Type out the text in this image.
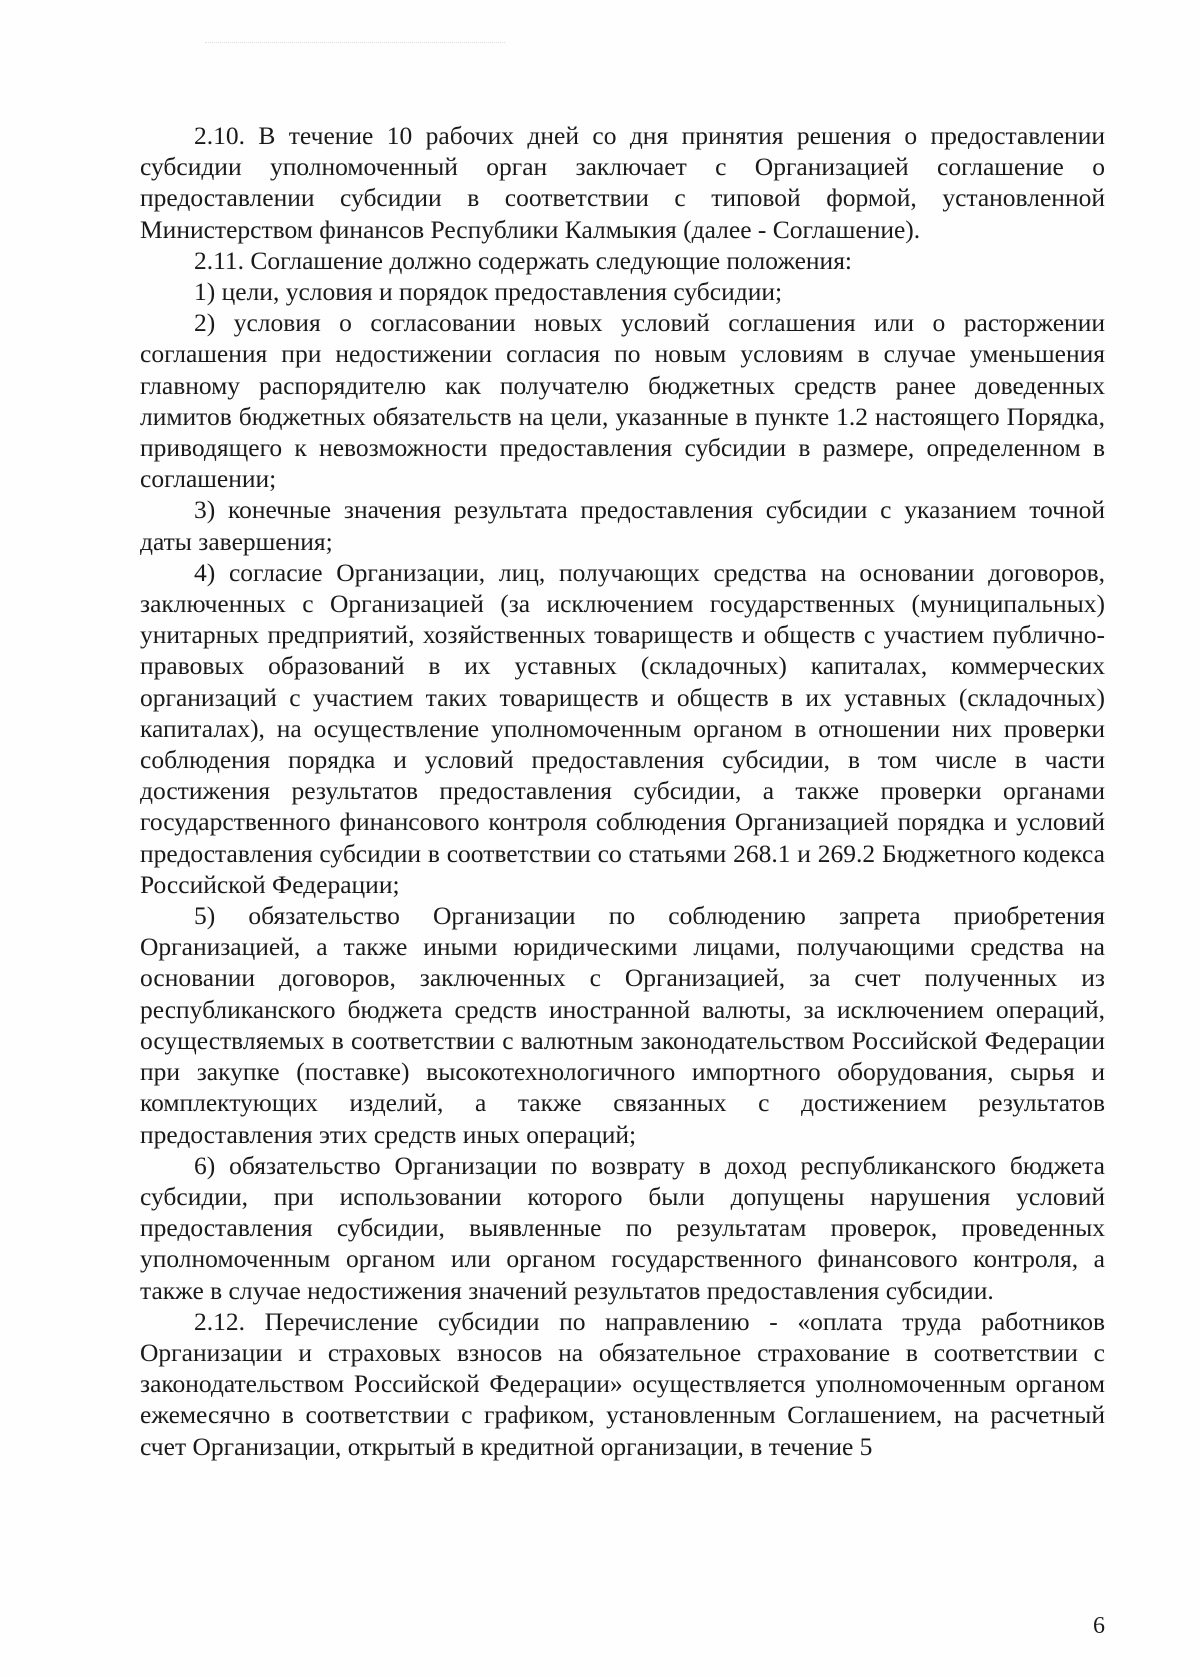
2.10. В течение 10 рабочих дней со дня принятия решения о предоставлении субсидии уполномоченный орган заключает с Организацией соглашение о предоставлении субсидии в соответствии с типовой формой, установленной Министерством финансов Республики Калмыкия (далее - Соглашение).

2.11. Соглашение должно содержать следующие положения:

1) цели, условия и порядок предоставления субсидии;

2) условия о согласовании новых условий соглашения или о расторжении соглашения при недостижении согласия по новым условиям в случае уменьшения главному распорядителю как получателю бюджетных средств ранее доведенных лимитов бюджетных обязательств на цели, указанные в пункте 1.2 настоящего Порядка, приводящего к невозможности предоставления субсидии в размере, определенном в соглашении;

3) конечные значения результата предоставления субсидии с указанием точной даты завершения;

4) согласие Организации, лиц, получающих средства на основании договоров, заключенных с Организацией (за исключением государственных (муниципальных) унитарных предприятий, хозяйственных товариществ и обществ с участием публично-правовых образований в их уставных (складочных) капиталах, коммерческих организаций с участием таких товариществ и обществ в их уставных (складочных) капиталах), на осуществление уполномоченным органом в отношении них проверки соблюдения порядка и условий предоставления субсидии, в том числе в части достижения результатов предоставления субсидии, а также проверки органами государственного финансового контроля соблюдения Организацией порядка и условий предоставления субсидии в соответствии со статьями 268.1 и 269.2 Бюджетного кодекса Российской Федерации;

5) обязательство Организации по соблюдению запрета приобретения Организацией, а также иными юридическими лицами, получающими средства на основании договоров, заключенных с Организацией, за счет полученных из республиканского бюджета средств иностранной валюты, за исключением операций, осуществляемых в соответствии с валютным законодательством Российской Федерации при закупке (поставке) высокотехнологичного импортного оборудования, сырья и комплектующих изделий, а также связанных с достижением результатов предоставления этих средств иных операций;

6) обязательство Организации по возврату в доход республиканского бюджета субсидии, при использовании которого были допущены нарушения условий предоставления субсидии, выявленные по результатам проверок, проведенных уполномоченным органом или органом государственного финансового контроля, а также в случае недостижения значений результатов предоставления субсидии.

2.12. Перечисление субсидии по направлению - «оплата труда работников Организации и страховых взносов на обязательное страхование в соответствии с законодательством Российской Федерации» осуществляется уполномоченным органом ежемесячно в соответствии с графиком, установленным Соглашением, на расчетный счет Организации, открытый в кредитной организации, в течение 5

6
